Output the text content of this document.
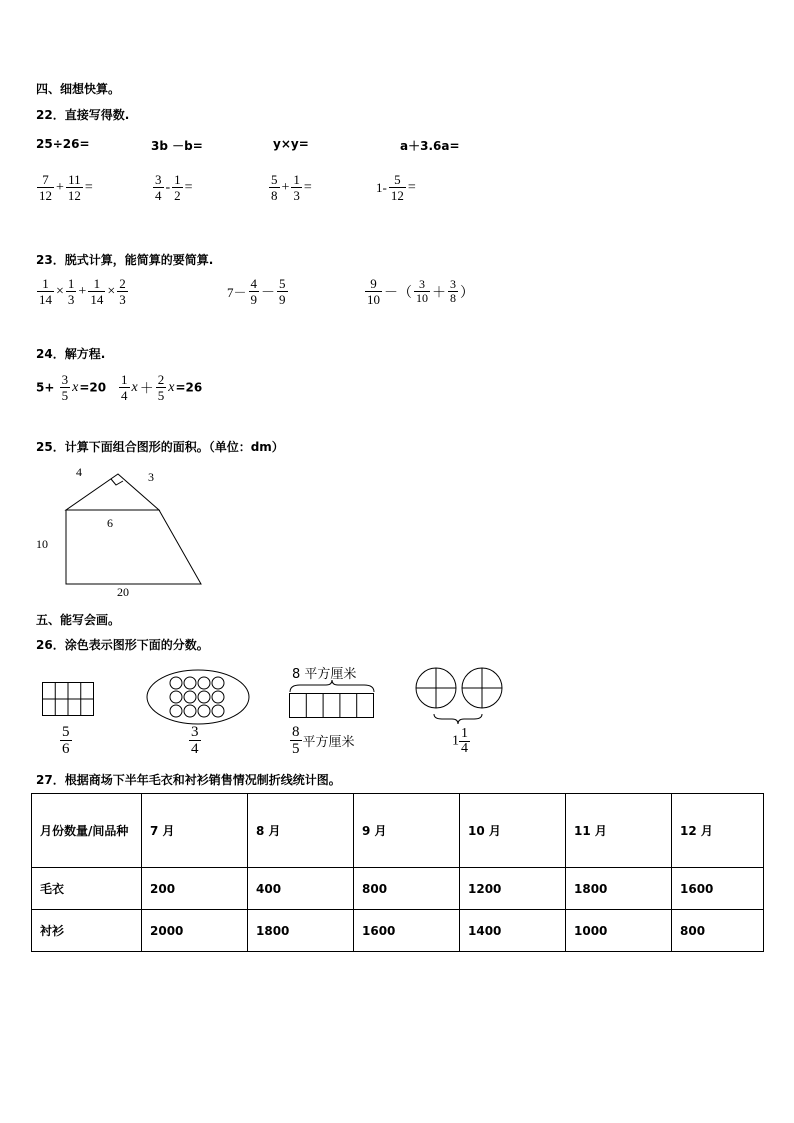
四、细想快算。
22．直接写得数.
25÷26=	3b －b=	y×y=	a＋3.6a=
$\frac{7}{12} + \frac{11}{12}$ =	$\frac{3}{4} - \frac{1}{2}$ =	$\frac{5}{8} + \frac{1}{3}$ =	$1- \frac{5}{12}$ =
23．脱式计算，能简算的要简算.
$\frac{1}{14} \times \frac{1}{3} + \frac{1}{14} \times \frac{2}{3}$	$7- \frac{4}{9} - \frac{5}{9}$	$\frac{9}{10}$ －（ $\frac{3}{10} + \frac{3}{8}$ ）
24．解方程.
$5+ \frac{3}{5} x=20 \frac{1}{4}$ $x + \frac{2}{5} x=26$
25．计算下面组合图形的面积。（单位：dm）
4	3
6
10
20
五、能写会画。
26．涂色表示图形下面的分数。
$\frac{5}{6}$	$\frac{3}{4}$
8 平方厘米
$\frac{8}{5}$ 平方厘米	$1 \frac{1}{4}$
27．根据商场下半年毛衣和衬衫销售情况制折线统计图。
月份数量/间品种	7 月	8 月	9 月	10 月	11 月	12 月
毛衣	200	400	800	1200	1800	1600
衬衫	2000	1800	1600	1400	1000	800
